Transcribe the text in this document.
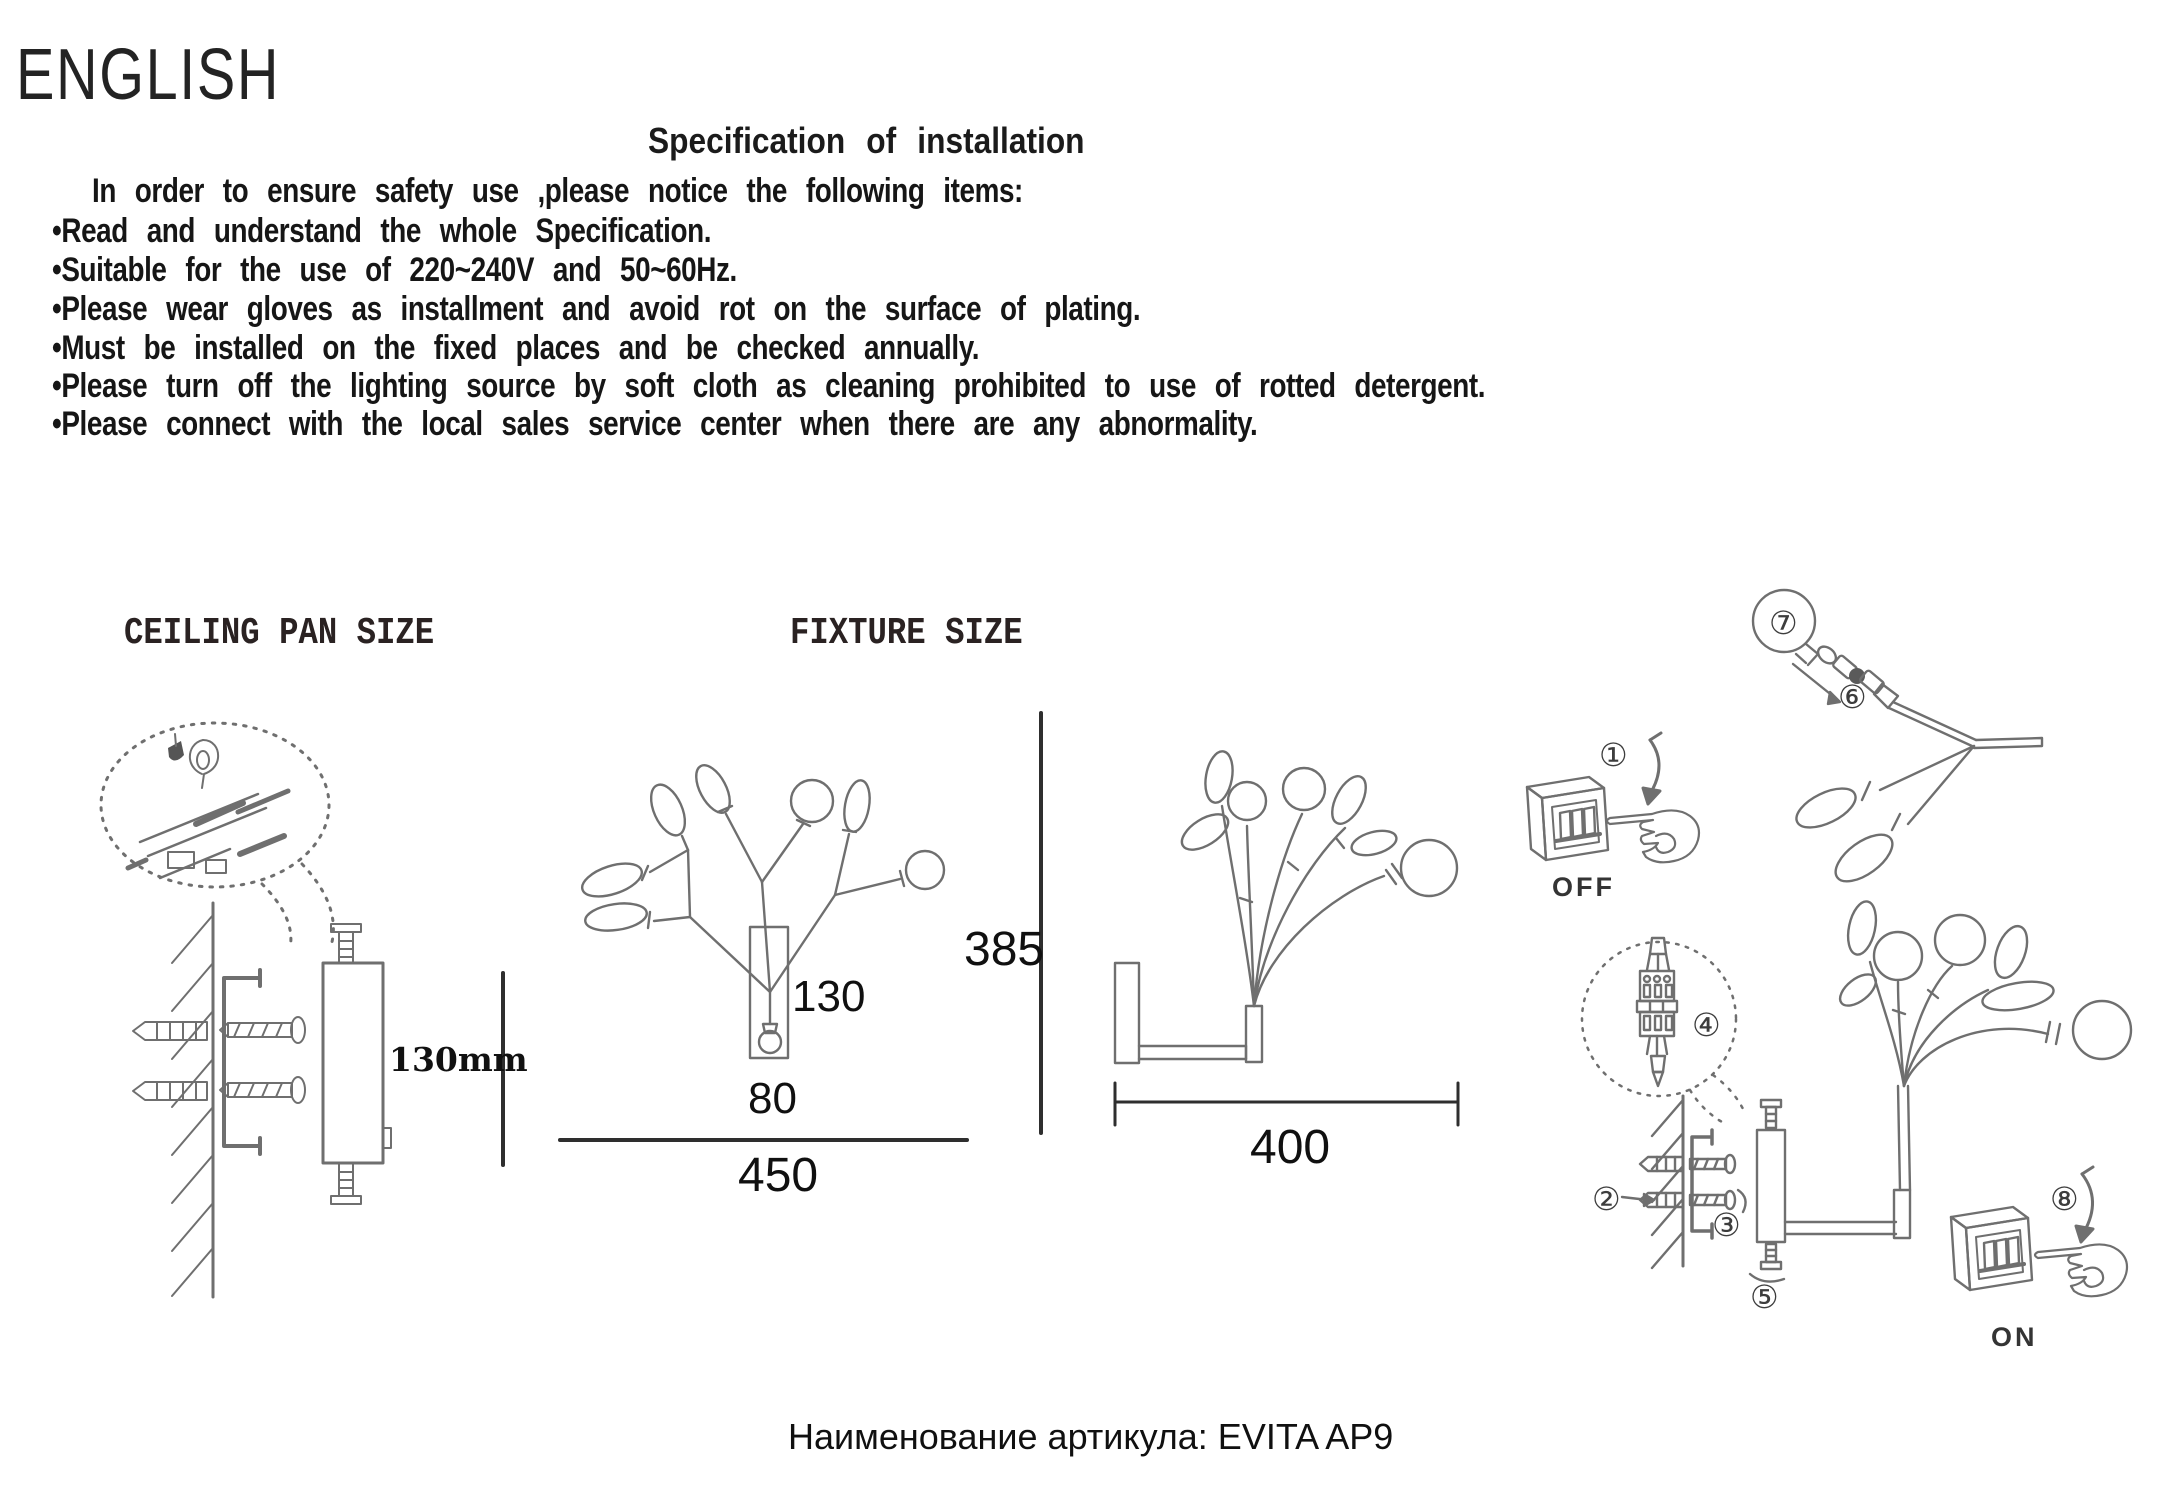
ENGLISH
Specification of installation
In order to ensure safety use ,please notice the following items:
•Read and understand the whole Specification.
•Suitable for the use of 220~240V and 50~60Hz.
•Please wear gloves as installment and avoid rot on the surface of plating.
•Must be installed on the fixed places and be checked annually.
•Please turn off the lighting source by soft cloth as cleaning prohibited to use of rotted detergent.
•Please connect with the local sales service center when there are any abnormality.
CEILING PAN SIZE	FIXTURE SIZE
130mm
130
80
450
385
400
OFF
ON
①
②
③
④
⑤
⑥
⑦
⑧
Наименование артикула: EVITA AP9
